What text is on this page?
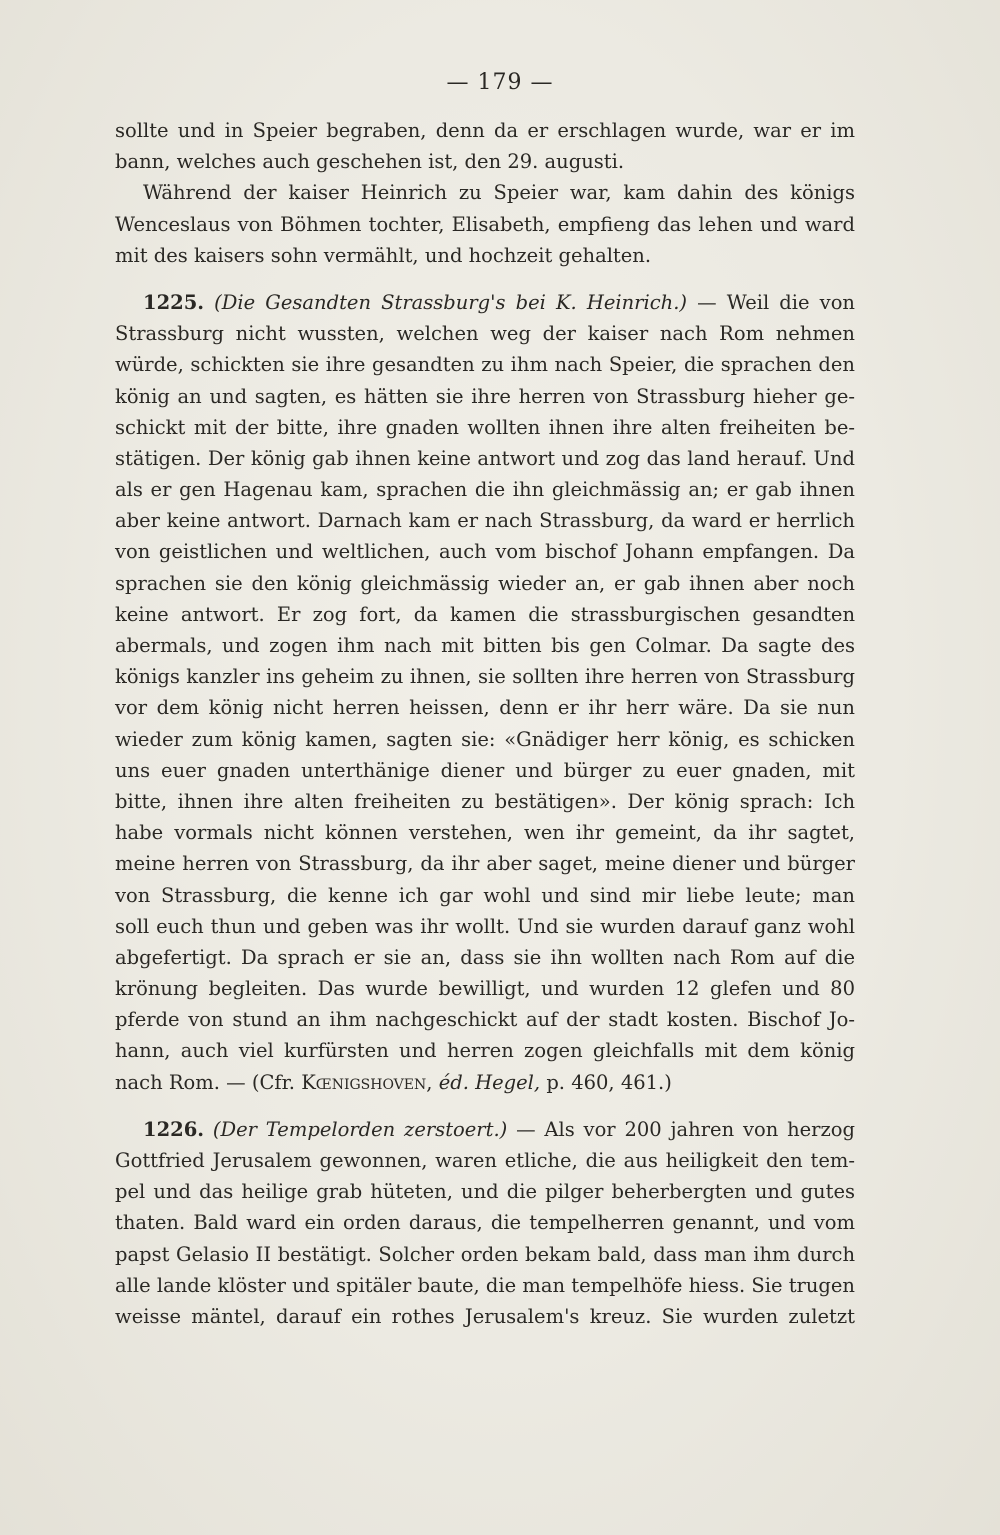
— 179 —
sollte und in Speier begraben, denn da er erschlagen wurde, war er im
bann, welches auch geschehen ist, den 29. augusti.
Während der kaiser Heinrich zu Speier war, kam dahin des königs
Wenceslaus von Böhmen tochter, Elisabeth, empfieng das lehen und ward
mit des kaisers sohn vermählt, und hochzeit gehalten.
1225. (Die Gesandten Strassburg's bei K. Heinrich.) — Weil die von
Strassburg nicht wussten, welchen weg der kaiser nach Rom nehmen
würde, schickten sie ihre gesandten zu ihm nach Speier, die sprachen den
könig an und sagten, es hätten sie ihre herren von Strassburg hieher ge-
schickt mit der bitte, ihre gnaden wollten ihnen ihre alten freiheiten be-
stätigen. Der könig gab ihnen keine antwort und zog das land herauf. Und
als er gen Hagenau kam, sprachen die ihn gleichmässig an; er gab ihnen
aber keine antwort. Darnach kam er nach Strassburg, da ward er herrlich
von geistlichen und weltlichen, auch vom bischof Johann empfangen. Da
sprachen sie den könig gleichmässig wieder an, er gab ihnen aber noch
keine antwort. Er zog fort, da kamen die strassburgischen gesandten
abermals, und zogen ihm nach mit bitten bis gen Colmar. Da sagte des
königs kanzler ins geheim zu ihnen, sie sollten ihre herren von Strassburg
vor dem könig nicht herren heissen, denn er ihr herr wäre. Da sie nun
wieder zum könig kamen, sagten sie: «Gnädiger herr könig, es schicken
uns euer gnaden unterthänige diener und bürger zu euer gnaden, mit
bitte, ihnen ihre alten freiheiten zu bestätigen». Der könig sprach: Ich
habe vormals nicht können verstehen, wen ihr gemeint, da ihr sagtet,
meine herren von Strassburg, da ihr aber saget, meine diener und bürger
von Strassburg, die kenne ich gar wohl und sind mir liebe leute; man
soll euch thun und geben was ihr wollt. Und sie wurden darauf ganz wohl
abgefertigt. Da sprach er sie an, dass sie ihn wollten nach Rom auf die
krönung begleiten. Das wurde bewilligt, und wurden 12 glefen und 80
pferde von stund an ihm nachgeschickt auf der stadt kosten. Bischof Jo-
hann, auch viel kurfürsten und herren zogen gleichfalls mit dem könig
nach Rom. — (Cfr. Kœnigshoven, éd. Hegel, p. 460, 461.)
1226. (Der Tempelorden zerstoert.) — Als vor 200 jahren von herzog
Gottfried Jerusalem gewonnen, waren etliche, die aus heiligkeit den tem-
pel und das heilige grab hüteten, und die pilger beherbergten und gutes
thaten. Bald ward ein orden daraus, die tempelherren genannt, und vom
papst Gelasio II bestätigt. Solcher orden bekam bald, dass man ihm durch
alle lande klöster und spitäler baute, die man tempelhöfe hiess. Sie trugen
weisse mäntel, darauf ein rothes Jerusalem's kreuz. Sie wurden zuletzt
